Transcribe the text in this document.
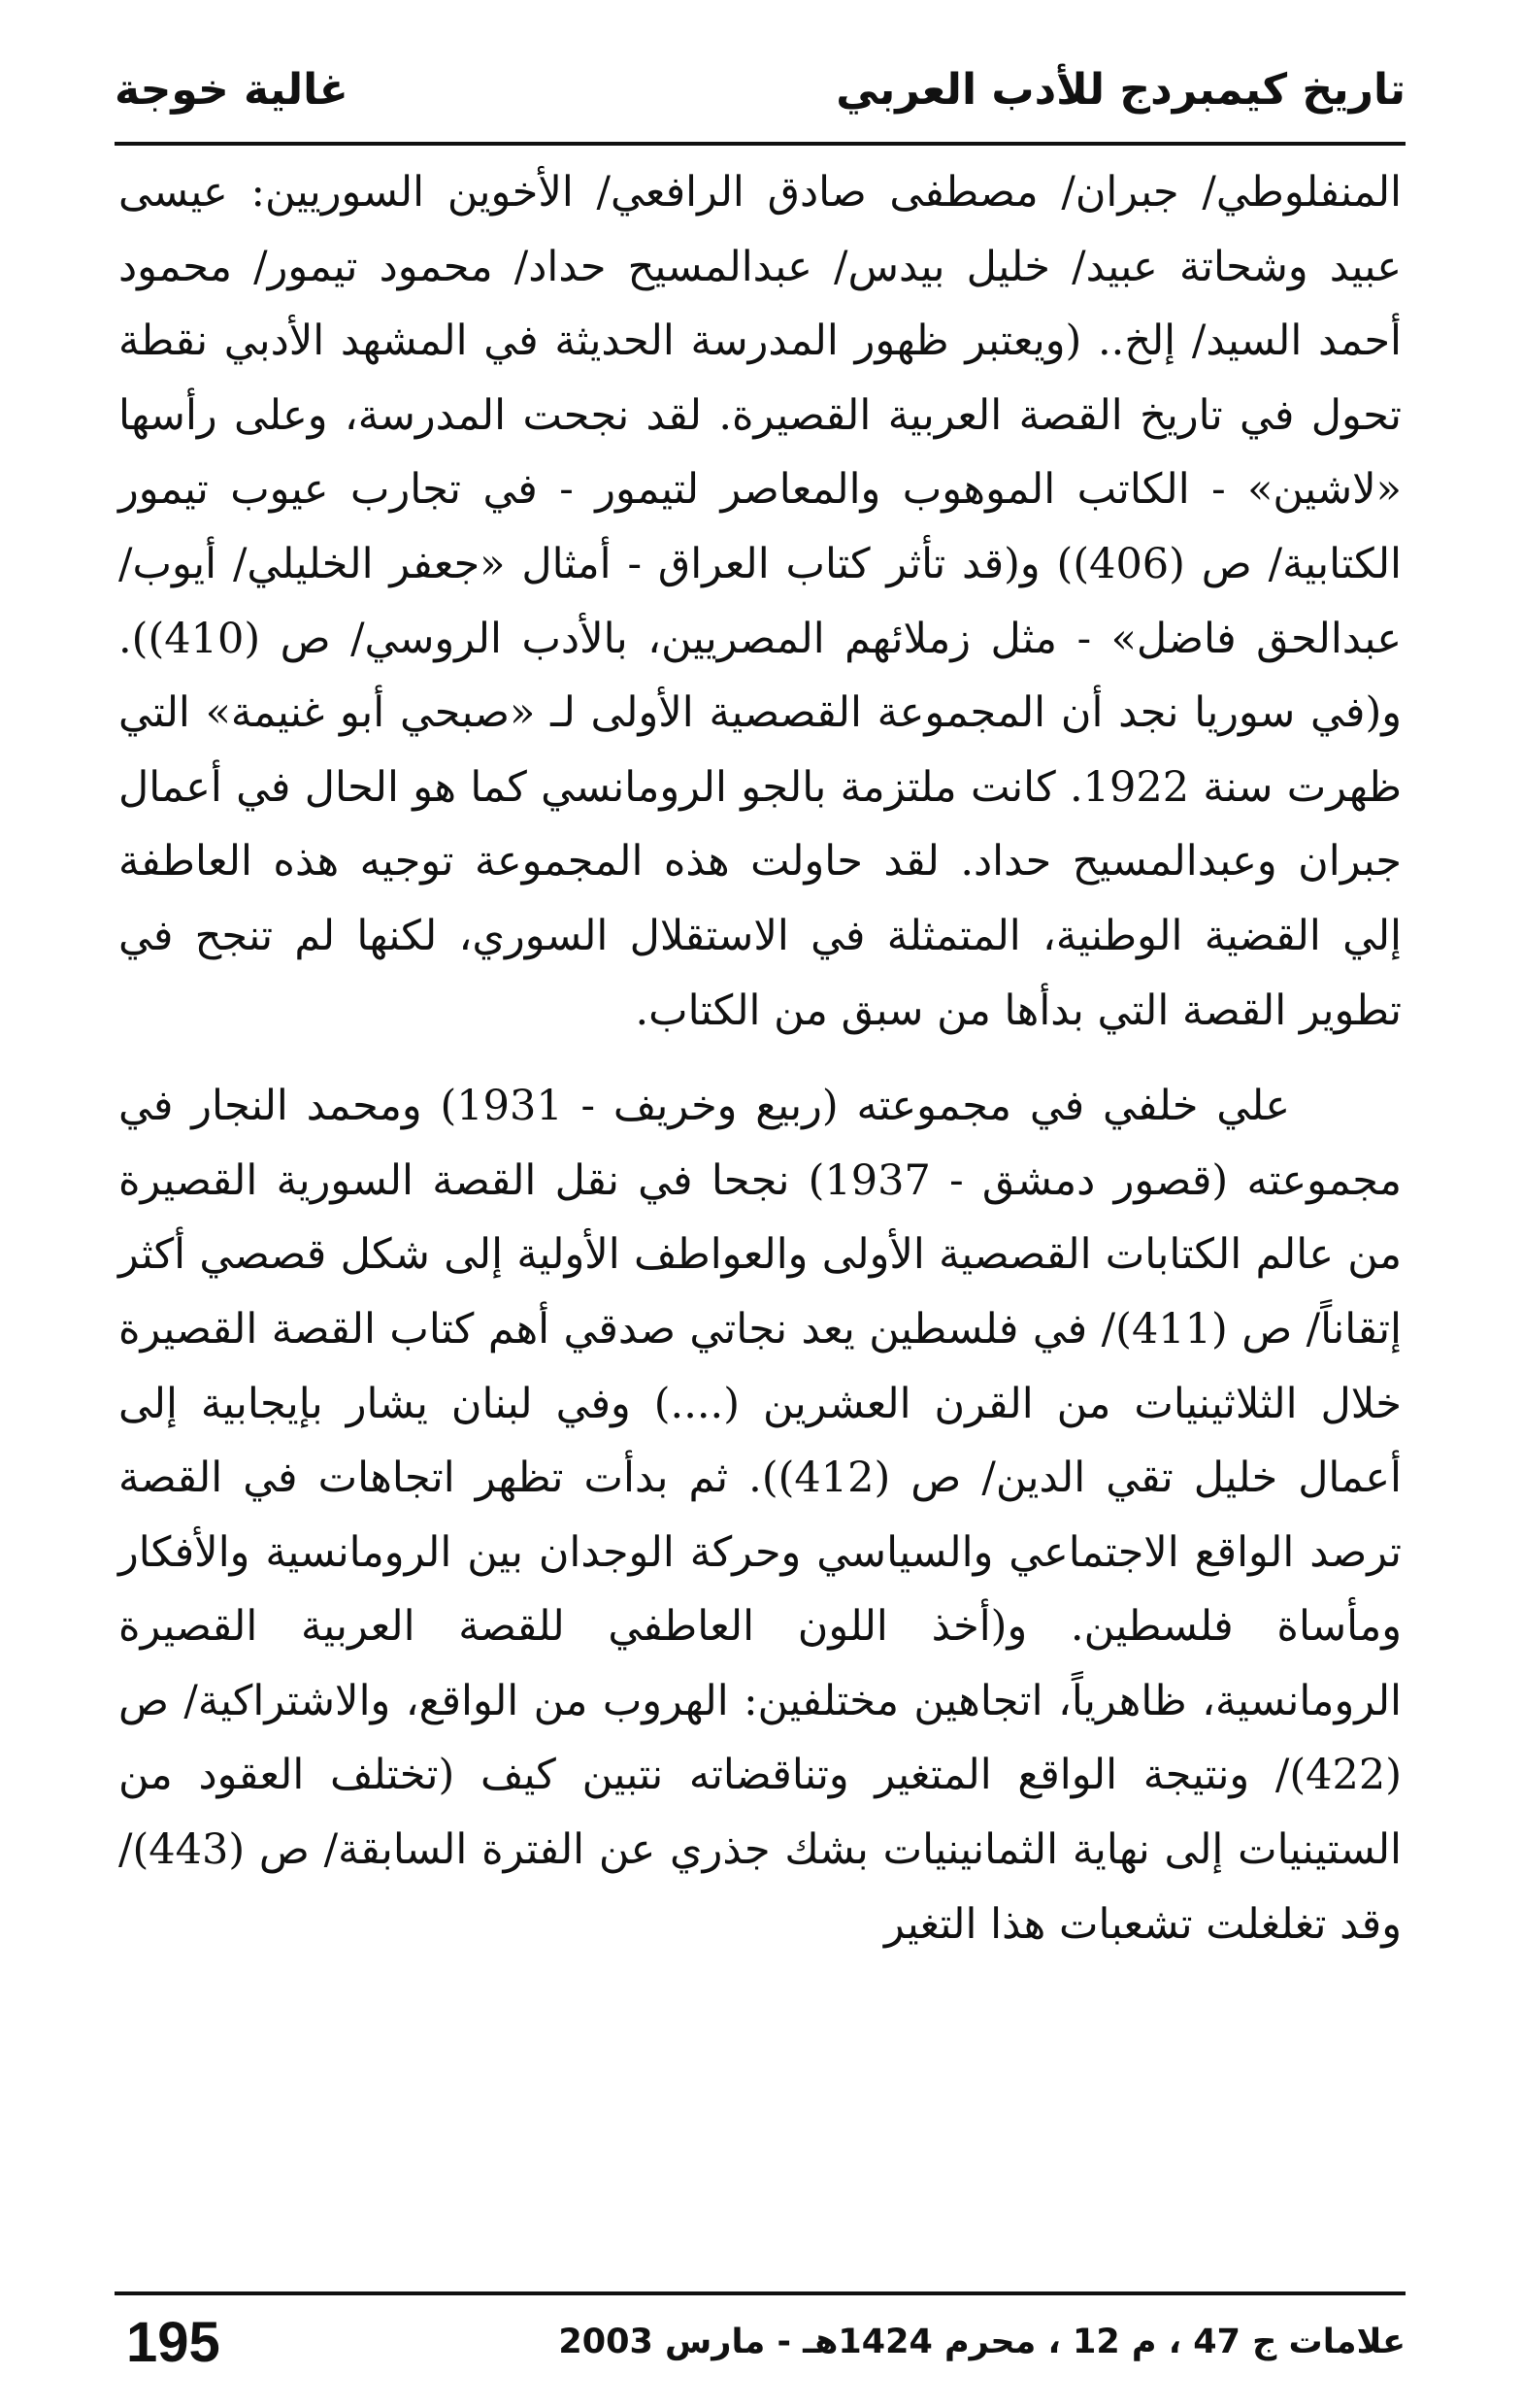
تاريخ كيمبردج للأدب العربي
غالية خوجة

المنفلوطي/ جبران/ مصطفى صادق الرافعي/ الأخوين السوريين: عيسى عبيد وشحاتة عبيد/ خليل بيدس/ عبدالمسيح حداد/ محمود تيمور/ محمود أحمد السيد/ إلخ.. (ويعتبر ظهور المدرسة الحديثة في المشهد الأدبي نقطة تحول في تاريخ القصة العربية القصيرة. لقد نجحت المدرسة، وعلى رأسها «لاشين» - الكاتب الموهوب والمعاصر لتيمور - في تجارب عيوب تيمور الكتابية/ ص (406)) و(قد تأثر كتاب العراق - أمثال «جعفر الخليلي/ أيوب/ عبدالحق فاضل» - مثل زملائهم المصريين، بالأدب الروسي/ ص (410)). و(في سوريا نجد أن المجموعة القصصية الأولى لـ «صبحي أبو غنيمة» التي ظهرت سنة 1922. كانت ملتزمة بالجو الرومانسي كما هو الحال في أعمال جبران وعبدالمسيح حداد. لقد حاولت هذه المجموعة توجيه هذه العاطفة إلي القضية الوطنية، المتمثلة في الاستقلال السوري، لكنها لم تنجح في تطوير القصة التي بدأها من سبق من الكتاب.

علي خلفي في مجموعته (ربيع وخريف - 1931) ومحمد النجار في مجموعته (قصور دمشق - 1937) نجحا في نقل القصة السورية القصيرة من عالم الكتابات القصصية الأولى والعواطف الأولية إلى شكل قصصي أكثر إتقاناً/ ص (411)/ في فلسطين يعد نجاتي صدقي أهم كتاب القصة القصيرة خلال الثلاثينيات من القرن العشرين (....) وفي لبنان يشار بإيجابية إلى أعمال خليل تقي الدين/ ص (412)). ثم بدأت تظهر اتجاهات في القصة ترصد الواقع الاجتماعي والسياسي وحركة الوجدان بين الرومانسية والأفكار ومأساة فلسطين. و(أخذ اللون العاطفي للقصة العربية القصيرة الرومانسية، ظاهرياً، اتجاهين مختلفين: الهروب من الواقع، والاشتراكية/ ص (422)/ ونتيجة الواقع المتغير وتناقضاته نتبين كيف (تختلف العقود من الستينيات إلى نهاية الثمانينيات بشك جذري عن الفترة السابقة/ ص (443)/ وقد تغلغلت تشعبات هذا التغير

علامات ج 47 ، م 12 ، محرم 1424هـ - مارس 2003
195
